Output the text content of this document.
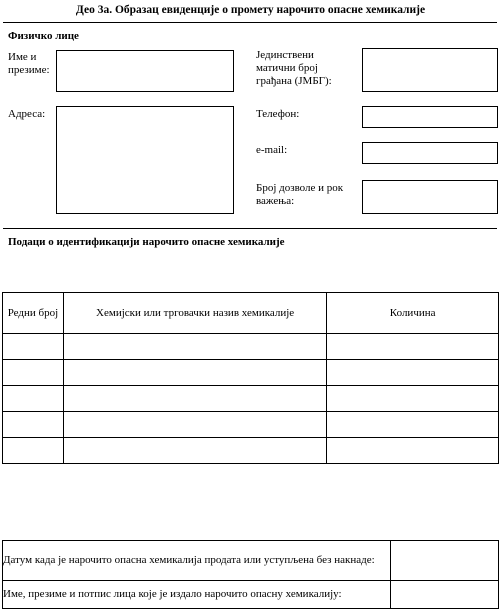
Део 3а. Образац евиденције о промету нарочито опасне хемикалије
Физичко лице
Име и презиме:
Јединствени матични број грађана (ЈМБГ):
Адреса:	Телефон:
e-mail:
Број дозволе и рок важења:
Подаци о идентификацији нарочито опасне хемикалије
Редни број	Хемијски или трговачки назив хемикалије	Количина

Датум када је нарочито опасна хемикалија продата или уступљена без накнаде:	
Име, презиме и потпис лица које је издало нарочито опасну хемикалију:	
